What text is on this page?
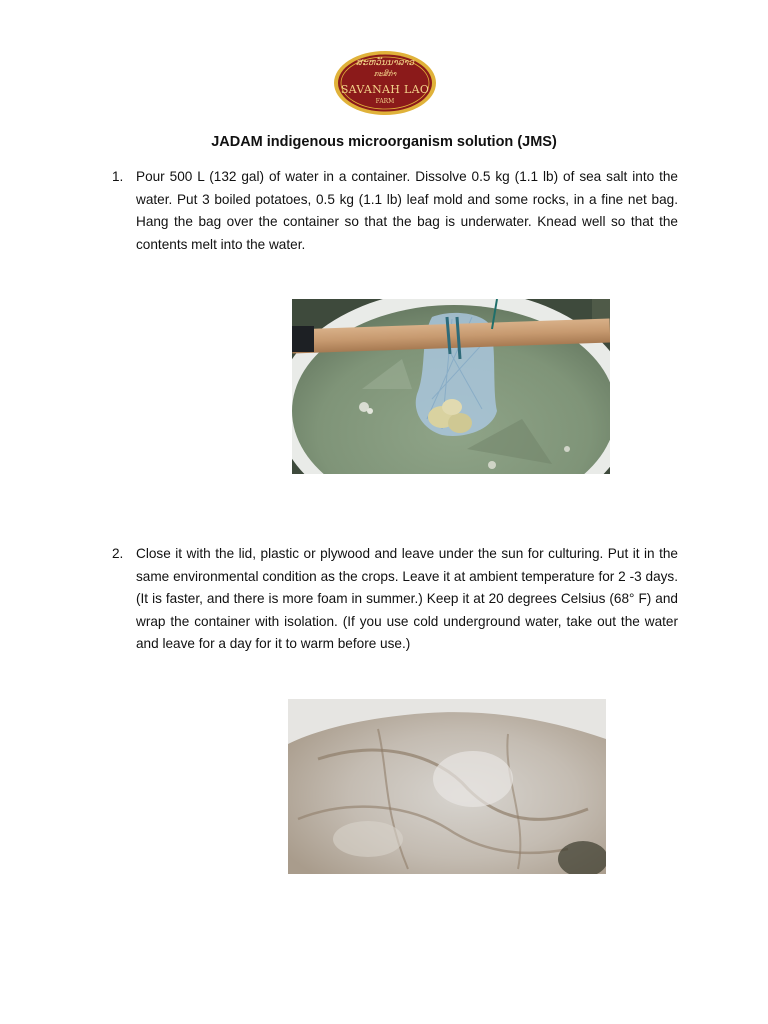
ສະຫວັນນາລາວ
ກະສິກຳ
SAVANAH LAO
FARM
JADAM indigenous microorganism solution (JMS)
1. Pour 500 L (132 gal) of water in a container. Dissolve 0.5 kg (1.1 lb) of sea salt into the water. Put 3 boiled potatoes, 0.5 kg (1.1 lb) leaf mold and some rocks, in a fine net bag. Hang the bag over the container so that the bag is underwater. Knead well so that the contents melt into the water.
2. Close it with the lid, plastic or plywood and leave under the sun for culturing. Put it in the same environmental condition as the crops. Leave it at ambient temperature for 2 -3 days. (It is faster, and there is more foam in summer.) Keep it at 20 degrees Celsius (68° F) and wrap the container with isolation. (If you use cold underground water, take out the water and leave for a day for it to warm before use.)
